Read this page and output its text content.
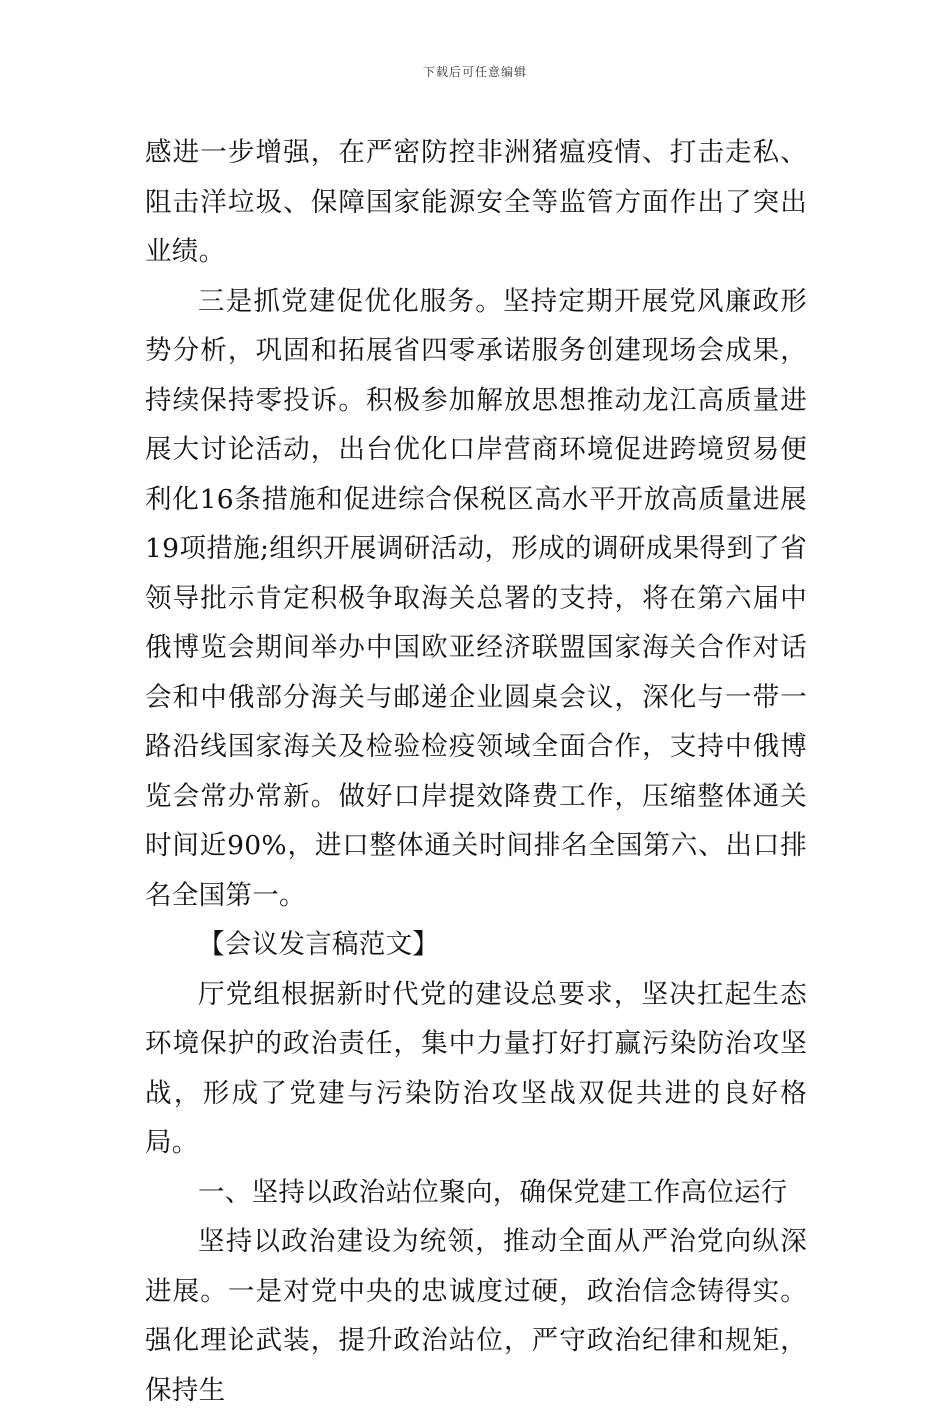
下载后可任意编辑

感进一步增强，在严密防控非洲猪瘟疫情、打击走私、阻击洋垃圾、保障国家能源安全等监管方面作出了突出业绩。

三是抓党建促优化服务。坚持定期开展党风廉政形势分析，巩固和拓展省四零承诺服务创建现场会成果，持续保持零投诉。积极参加解放思想推动龙江高质量进展大讨论活动，出台优化口岸营商环境促进跨境贸易便利化16条措施和促进综合保税区高水平开放高质量进展19项措施;组织开展调研活动，形成的调研成果得到了省领导批示肯定积极争取海关总署的支持，将在第六届中俄博览会期间举办中国欧亚经济联盟国家海关合作对话会和中俄部分海关与邮递企业圆桌会议，深化与一带一路沿线国家海关及检验检疫领域全面合作，支持中俄博览会常办常新。做好口岸提效降费工作，压缩整体通关时间近90%，进口整体通关时间排名全国第六、出口排名全国第一。

【会议发言稿范文】

厅党组根据新时代党的建设总要求，坚决扛起生态环境保护的政治责任，集中力量打好打赢污染防治攻坚战，形成了党建与污染防治攻坚战双促共进的良好格局。

一、坚持以政治站位聚向，确保党建工作高位运行

坚持以政治建设为统领，推动全面从严治党向纵深进展。一是对党中央的忠诚度过硬，政治信念铸得实。强化理论武装，提升政治站位，严守政治纪律和规矩，保持生
